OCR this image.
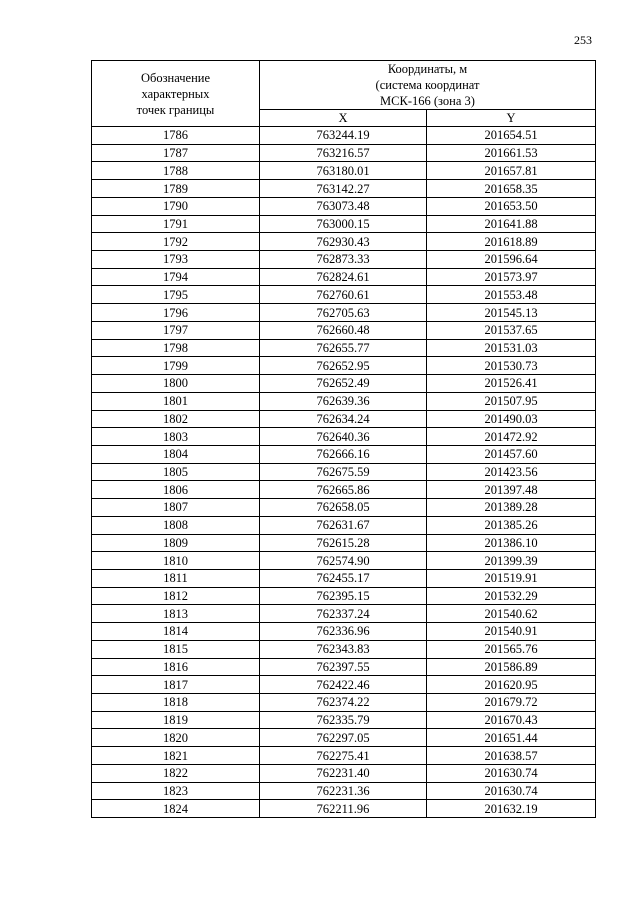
253
Обозначение
характерных
точек границы	Координаты, м
(система координат
МСК-166 (зона 3)	
	X	Y
1786	763244.19	201654.51
1787	763216.57	201661.53
1788	763180.01	201657.81
1789	763142.27	201658.35
1790	763073.48	201653.50
1791	763000.15	201641.88
1792	762930.43	201618.89
1793	762873.33	201596.64
1794	762824.61	201573.97
1795	762760.61	201553.48
1796	762705.63	201545.13
1797	762660.48	201537.65
1798	762655.77	201531.03
1799	762652.95	201530.73
1800	762652.49	201526.41
1801	762639.36	201507.95
1802	762634.24	201490.03
1803	762640.36	201472.92
1804	762666.16	201457.60
1805	762675.59	201423.56
1806	762665.86	201397.48
1807	762658.05	201389.28
1808	762631.67	201385.26
1809	762615.28	201386.10
1810	762574.90	201399.39
1811	762455.17	201519.91
1812	762395.15	201532.29
1813	762337.24	201540.62
1814	762336.96	201540.91
1815	762343.83	201565.76
1816	762397.55	201586.89
1817	762422.46	201620.95
1818	762374.22	201679.72
1819	762335.79	201670.43
1820	762297.05	201651.44
1821	762275.41	201638.57
1822	762231.40	201630.74
1823	762231.36	201630.74
1824	762211.96	201632.19
